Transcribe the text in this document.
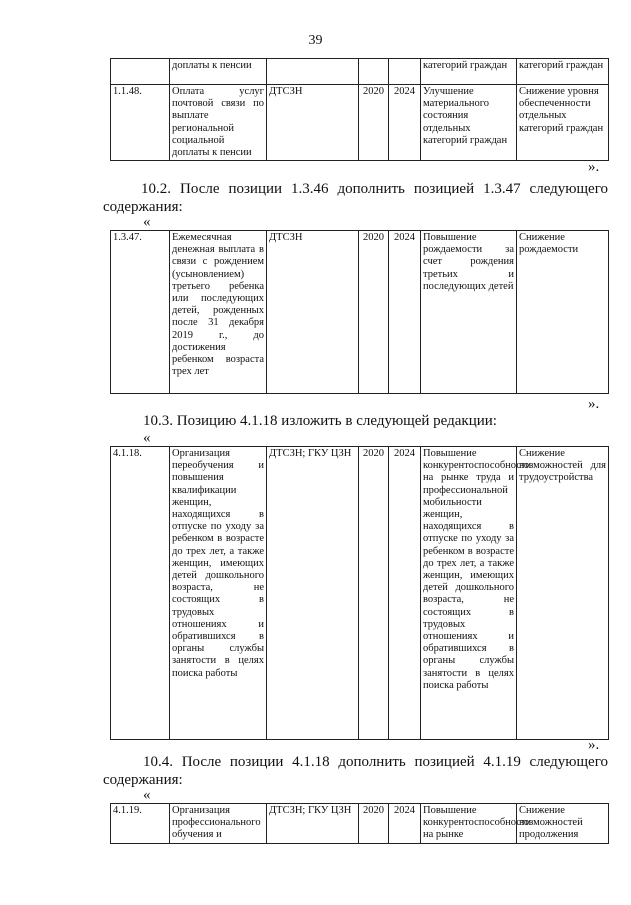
39
	доплаты к пенсии				категорий граждан	категорий граждан
1.1.48.	Оплата услуг почтовой связи по выплате региональной социальной доплаты к пенсии	ДТСЗН	2020	2024	Улучшение материального состояния отдельных категорий граждан	Снижение уровня обеспеченности отдельных категорий граждан
».

10.2. После позиции 1.3.46 дополнить позицией 1.3.47 следующего содержания:

«
1.3.47.	Ежемесячная денежная выплата в связи с рождением (усыновлением) третьего ребенка или последующих детей, рожденных после 31 декабря 2019 г., до достижения ребенком возраста трех лет	ДТСЗН	2020	2024	Повышение рождаемости за счет рождения третьих и последующих детей	Снижение рождаемости
».

10.3. Позицию 4.1.18 изложить в следующей редакции:

«
4.1.18.	Организация переобучения и повышения квалификации женщин, находящихся в отпуске по уходу за ребенком в возрасте до трех лет, а также женщин, имеющих детей дошкольного возраста, не состоящих в трудовых отношениях и обратившихся в органы службы занятости в целях поиска работы	ДТСЗН; ГКУ ЦЗН	2020	2024	Повышение конкурентоспособности на рынке труда и профессиональной мобильности женщин, находящихся в отпуске по уходу за ребенком в возрасте до трех лет, а также женщин, имеющих детей дошкольного возраста, не состоящих в трудовых отношениях и обратившихся в органы службы занятости в целях поиска работы	Снижение возможностей для трудоустройства
».

10.4. После позиции 4.1.18 дополнить позицией 4.1.19 следующего содержания:

«
4.1.19.	Организация профессионального обучения и	ДТСЗН; ГКУ ЦЗН	2020	2024	Повышение конкурентоспособности на рынке	Снижение возможностей продолжения
